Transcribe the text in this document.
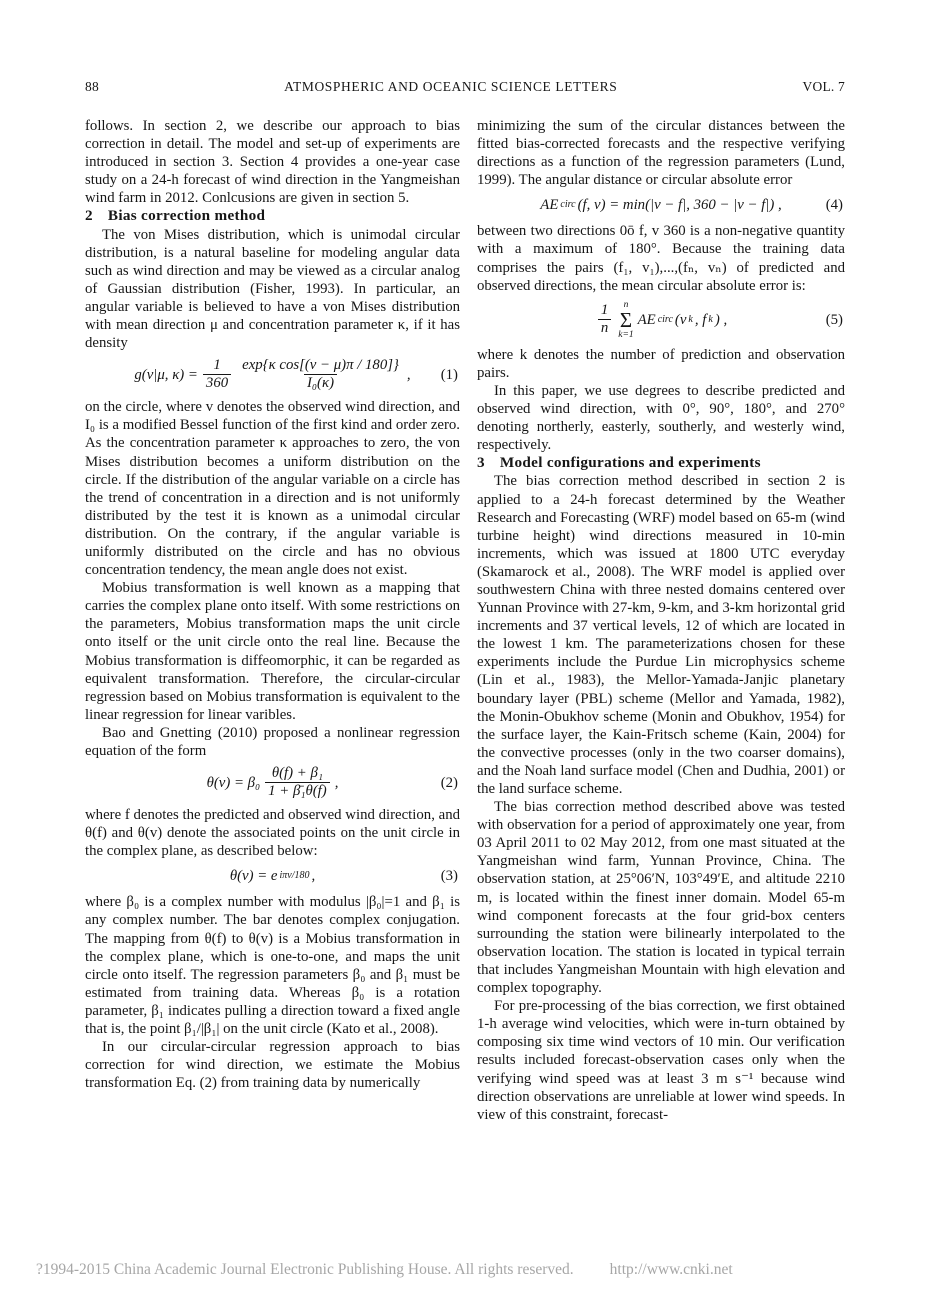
88	ATMOSPHERIC AND OCEANIC SCIENCE LETTERS	VOL. 7

follows. In section 2, we describe our approach to bias correction in detail. The model and set-up of experiments are introduced in section 3. Section 4 provides a one-year case study on a 24-h forecast of wind direction in the Yangmeishan wind farm in 2012. Conlcusions are given in section 5.

2 Bias correction method

The von Mises distribution, which is unimodal circular distribution, is a natural baseline for modeling angular data such as wind direction and may be viewed as a circular analog of Gaussian distribution (Fisher, 1993). In particular, an angular variable is believed to have a von Mises distribution with mean direction μ and concentration parameter κ, if it has density

g(v|μ, $\kappa) = \frac{1}{360} \frac{\text{exp\{κ cos[(v − μ)π / 180]\}}}{\text{I₀(κ)}}$ , (1)

on the circle, where v denotes the observed wind direction, and I₀ is a modified Bessel function of the first kind and order zero. As the concentration parameter κ approaches to zero, the von Mises distribution becomes a uniform distribution on the circle. If the distribution of the angular variable on a circle has the trend of concentration in a direction and is not uniformly distributed by the test it is known as a unimodal circular distribution. On the contrary, if the angular variable is uniformly distributed on the circle and has no obvious concentration tendency, the mean angle does not exist.

Mobius transformation is well known as a mapping that carries the complex plane onto itself. With some restrictions on the parameters, Mobius transformation maps the unit circle onto itself or the unit circle onto the real line. Because the Mobius transformation is diffeomorphic, it can be regarded as equivalent transformation. Therefore, the circular-circular regression based on Mobius transformation is equivalent to the linear regression for linear varibles.

Bao and Gnetting (2010) proposed a nonlinear regression equation of the form

$\theta(v) = \beta_0 \frac{\text{θ(f) + β₁}}{\text{1 + β̄₁θ(f)}}$ ,	(2)

where f denotes the predicted and observed wind direction, and θ(f) and θ(v) denote the associated points on the unit circle in the complex plane, as described below:

θ(v) = e iπv/180 ,	(3)

where β₀ is a complex number with modulus |β₀|=1 and β₁ is any complex number. The bar denotes complex conjugation. The mapping from θ(f) to θ(v) is a Mobius transformation in the complex plane, which is one-to-one, and maps the unit circle onto itself. The regression parameters β₀ and β₁ must be estimated from training data. Whereas β₀ is a rotation parameter, β₁ indicates pulling a direction toward a fixed angle that is, the point β₁/|β₁| on the unit circle (Kato et al., 2008).

In our circular-circular regression approach to bias correction for wind direction, we estimate the Mobius transformation Eq. (2) from training data by numerically

minimizing the sum of the circular distances between the fitted bias-corrected forecasts and the respective verifying directions as a function of the regression parameters (Lund, 1999). The angular distance or circular absolute error

AE circ (f, v) = min(|v − f|, 360 − |v − f|) ,	(4)

between two directions 0ō f, v 360 is a non-negative quantity with a maximum of 180°. Because the training data comprises the pairs (f₁, v₁),...,(fₙ, vₙ) of predicted and observed directions, the mean circular absolute error is:

$\frac{1}{n}$ n
Σ
k=1
AE circ (v k , f k ) ,	(5)

where k denotes the number of prediction and observation pairs.

In this paper, we use degrees to describe predicted and observed wind direction, with 0°, 90°, 180°, and 270° denoting northerly, easterly, southerly, and westerly wind, respectively.

3 Model configurations and experiments

The bias correction method described in section 2 is applied to a 24-h forecast determined by the Weather Research and Forecasting (WRF) model based on 65-m (wind turbine height) wind directions measured in 10-min increments, which was issued at 1800 UTC everyday (Skamarock et al., 2008). The WRF model is applied over southwestern China with three nested domains centered over Yunnan Province with 27-km, 9-km, and 3-km horizontal grid increments and 37 vertical levels, 12 of which are located in the lowest 1 km. The parameterizations chosen for these experiments include the Purdue Lin microphysics scheme (Lin et al., 1983), the Mellor-Yamada-Janjic planetary boundary layer (PBL) scheme (Mellor and Yamada, 1982), the Monin-Obukhov scheme (Monin and Obukhov, 1954) for the surface layer, the Kain-Fritsch scheme (Kain, 2004) for the convective processes (only in the two coarser domains), and the Noah land surface model (Chen and Dudhia, 2001) or the land surface scheme.

The bias correction method described above was tested with observation for a period of approximately one year, from 03 April 2011 to 02 May 2012, from one mast situated at the Yangmeishan wind farm, Yunnan Province, China. The observation station, at 25°06′N, 103°49′E, and altitude 2210 m, is located within the finest inner domain. Model 65-m wind component forecasts at the four grid-box centers surrounding the station were bilinearly interpolated to the observation location. The station is located in typical terrain that includes Yangmeishan Mountain with high elevation and complex topography.

For pre-processing of the bias correction, we first obtained 1-h average wind velocities, which were in-turn obtained by composing six time wind vectors of 10 min. Our verification results included forecast-observation cases only when the verifying wind speed was at least 3 m s⁻¹ because wind direction observations are unreliable at lower wind speeds. In view of this constraint, forecast-

?1994-2015 China Academic Journal Electronic Publishing House. All rights reserved. http://www.cnki.net
